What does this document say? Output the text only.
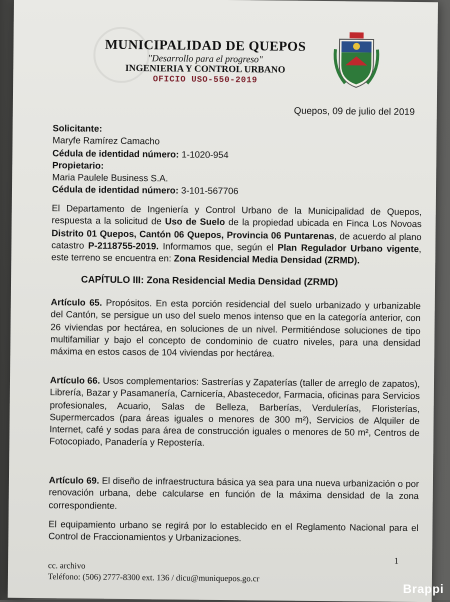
MUNICIPALIDAD DE QUEPOS
"Desarrollo para el progreso"
INGENIERIA Y CONTROL URBANO
OFICIO USO-550-2019
Quepos, 09 de julio del 2019
Solicitante:
Maryfe Ramírez Camacho
Cédula de identidad número: 1-1020-954
Propietario:
Maria Paulele Business S.A.
Cédula de identidad número: 3-101-567706
El Departamento de Ingeniería y Control Urbano de la Municipalidad de Quepos, respuesta a la solicitud de Uso de Suelo de la propiedad ubicada en Finca Los Novoas Distrito 01 Quepos, Cantón 06 Quepos, Provincia 06 Puntarenas, de acuerdo al plano catastro P-2118755-2019. Informamos que, según el Plan Regulador Urbano vigente, este terreno se encuentra en: Zona Residencial Media Densidad (ZRMD).
CAPÍTULO III: Zona Residencial Media Densidad (ZRMD)
Artículo 65. Propósitos. En esta porción residencial del suelo urbanizado y urbanizable del Cantón, se persigue un uso del suelo menos intenso que en la categoría anterior, con 26 viviendas por hectárea, en soluciones de un nivel. Permitiéndose soluciones de tipo multifamiliar y bajo el concepto de condominio de cuatro niveles, para una densidad máxima en estos casos de 104 viviendas por hectárea.
Artículo 66. Usos complementarios: Sastrerías y Zapaterías (taller de arreglo de zapatos), Librería, Bazar y Pasamanería, Carnicería, Abastecedor, Farmacia, oficinas para Servicios profesionales, Acuario, Salas de Belleza, Barberías, Verdulerías, Floristerías, Supermercados (para áreas iguales o menores de 300 m²), Servicios de Alquiler de Internet, café y sodas para área de construcción iguales o menores de 50 m², Centros de Fotocopiado, Panadería y Repostería.
Artículo 69. El diseño de infraestructura básica ya sea para una nueva urbanización o por renovación urbana, debe calcularse en función de la máxima densidad de la zona correspondiente.
El equipamiento urbano se regirá por lo establecido en el Reglamento Nacional para el Control de Fraccionamientos y Urbanizaciones.
1
cc. archivo
Teléfono: (506) 2777-8300 ext. 136 / dicu@muniquepos.go.cr
Brappi
